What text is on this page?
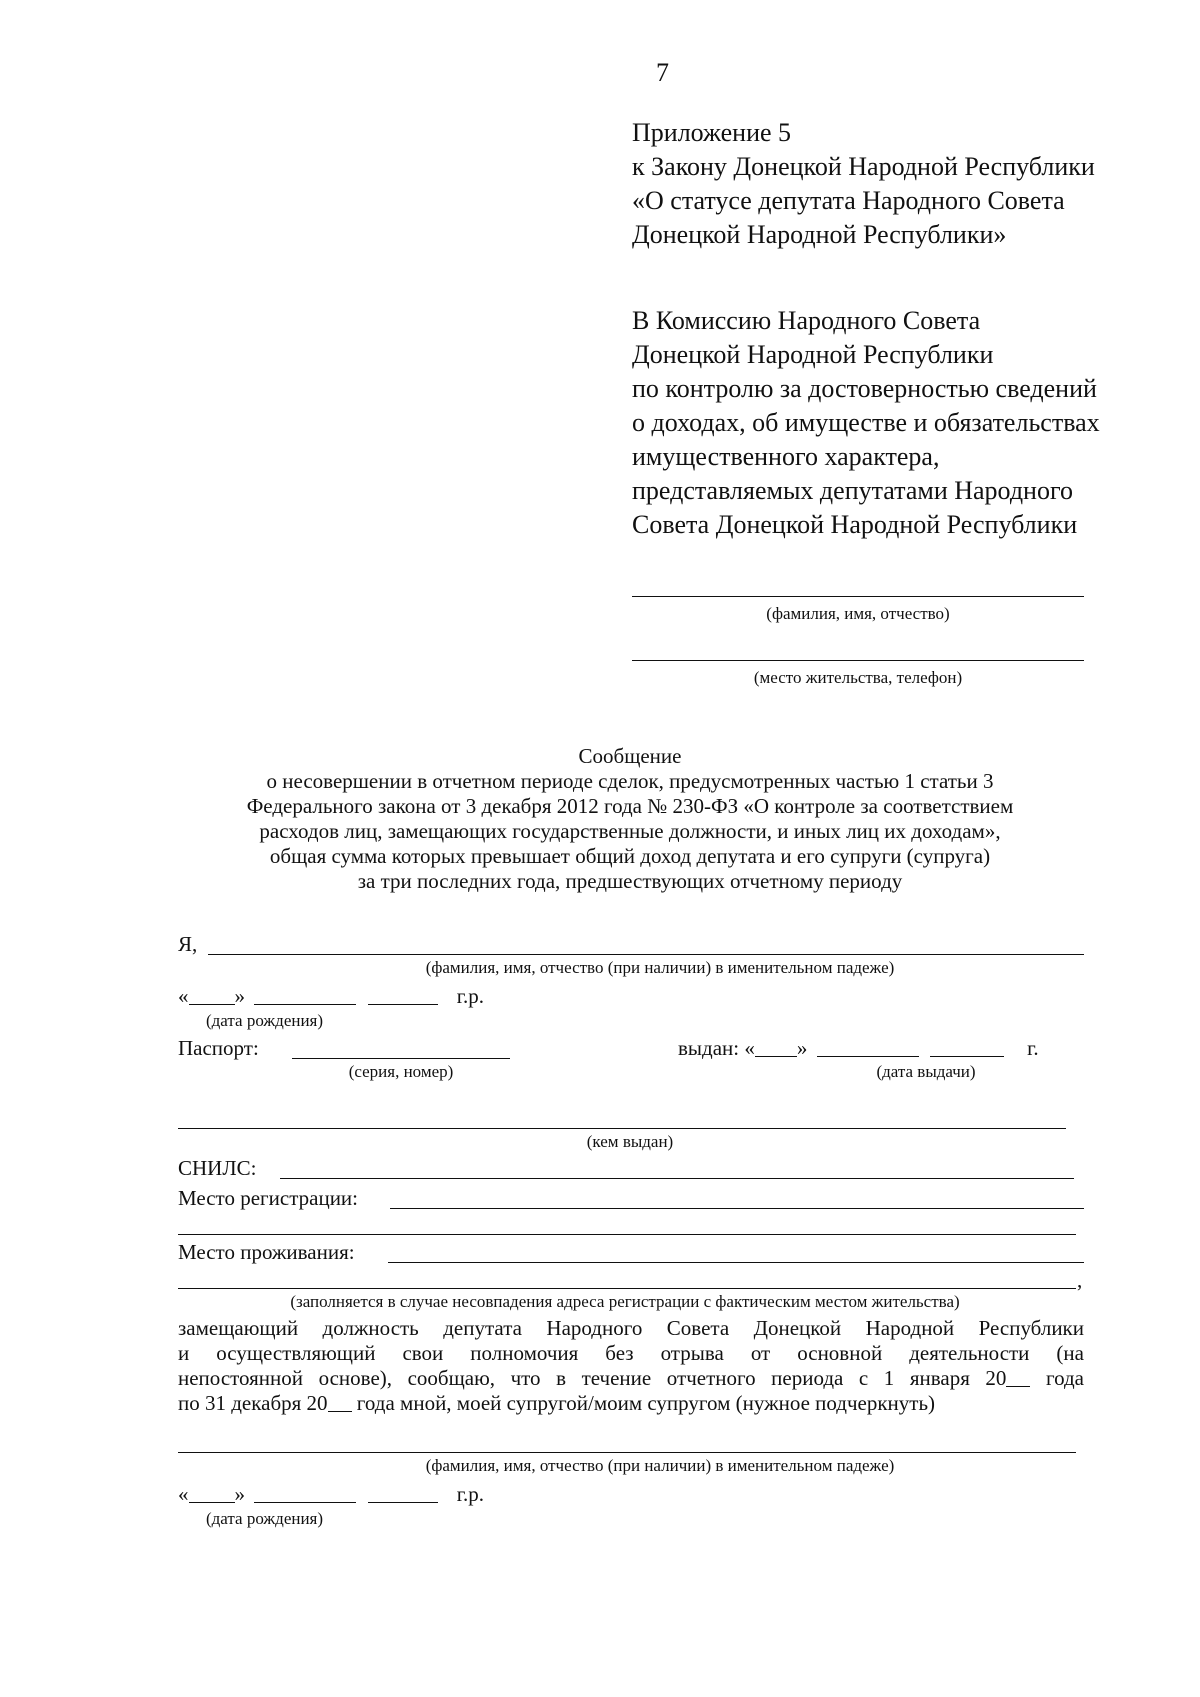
7
Приложение 5
к Закону Донецкой Народной Республики
«О статусе депутата Народного Совета
Донецкой Народной Республики»
В Комиссию Народного Совета
Донецкой Народной Республики
по контролю за достоверностью сведений
о доходах, об имуществе и обязательствах
имущественного характера,
представляемых депутатами Народного
Совета Донецкой Народной Республики
(фамилия, имя, отчество)
(место жительства, телефон)
Сообщение
о несовершении в отчетном периоде сделок, предусмотренных частью 1 статьи 3
Федерального закона от 3 декабря 2012 года № 230-ФЗ «О контроле за соответствием
расходов лиц, замещающих государственные должности, и иных лиц их доходам»,
общая сумма которых превышает общий доход депутата и его супруги (супруга)
за три последних года, предшествующих отчетному периоду
Я,
(фамилия, имя, отчество (при наличии) в именительном падеже)
« »	г.р.
(дата рождения)
Паспорт:
(серия, номер)
выдан: « »	г.
(дата выдачи)
(кем выдан)
СНИЛС:
Место регистрации:
Место проживания:
,
(заполняется в случае несовпадения адреса регистрации с фактическим местом жительства)
замещающий должность депутата Народного Совета Донецкой Народной Республики
и осуществляющий свои полномочия без отрыва от основной деятельности (на
непостоянной основе), сообщаю, что в течение отчетного периода с 1 января 20 года
по 31 декабря 20 года мной, моей супругой/моим супругом (нужное подчеркнуть)
(фамилия, имя, отчество (при наличии) в именительном падеже)
« »	г.р.
(дата рождения)
